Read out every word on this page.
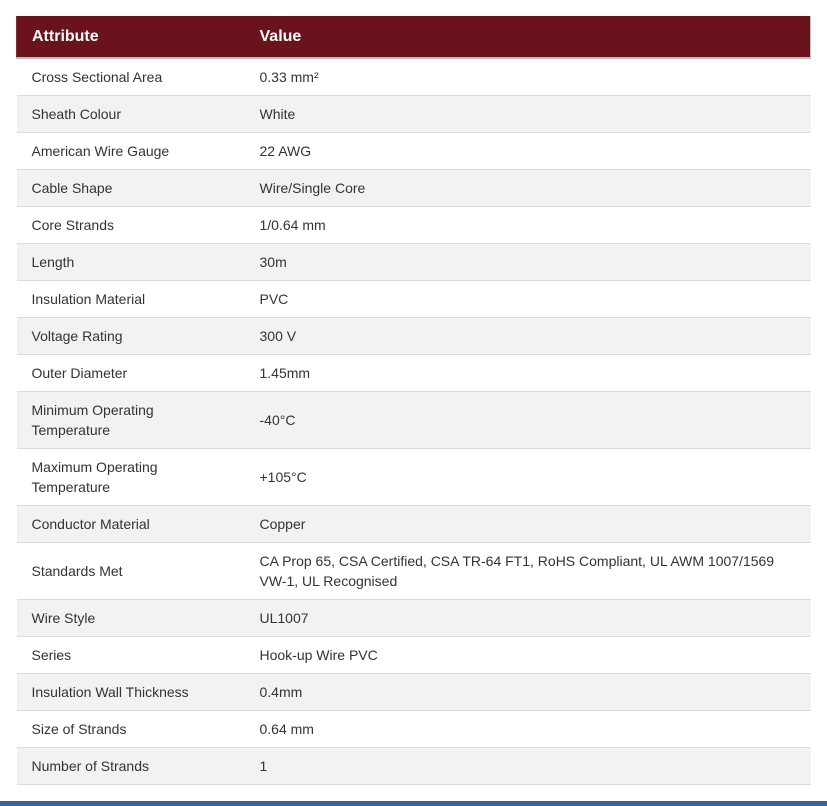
Attribute	Value
Cross Sectional Area	0.33 mm²
Sheath Colour	White
American Wire Gauge	22 AWG
Cable Shape	Wire/Single Core
Core Strands	1/0.64 mm
Length	30m
Insulation Material	PVC
Voltage Rating	300 V
Outer Diameter	1.45mm
Minimum Operating Temperature	-40°C
Maximum Operating Temperature	+105°C
Conductor Material	Copper
Standards Met	CA Prop 65, CSA Certified, CSA TR-64 FT1, RoHS Compliant, UL AWM 1007/1569 VW-1, UL Recognised
Wire Style	UL1007
Series	Hook-up Wire PVC
Insulation Wall Thickness	0.4mm
Size of Strands	0.64 mm
Number of Strands	1
